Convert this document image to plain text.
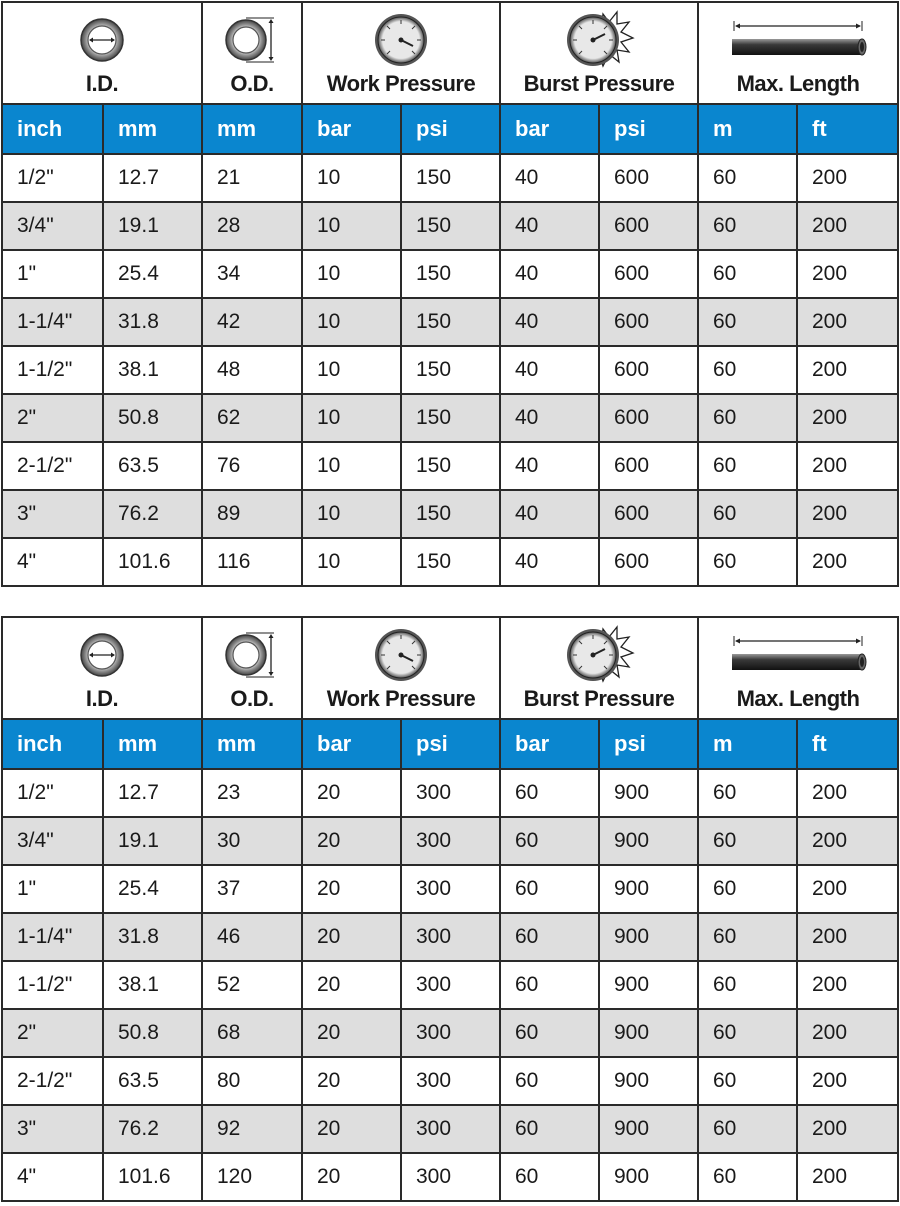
I.D.		O.D.	Work Pressure		Burst Pressure		Max. Length	

inch	mm	mm	bar	psi	bar	psi	m	ft
1/2"	12.7	21	10	150	40	600	60	200
3/4"	19.1	28	10	150	40	600	60	200
1"	25.4	34	10	150	40	600	60	200
1-1/4"	31.8	42	10	150	40	600	60	200
1-1/2"	38.1	48	10	150	40	600	60	200
2"	50.8	62	10	150	40	600	60	200
2-1/2"	63.5	76	10	150	40	600	60	200
3"	76.2	89	10	150	40	600	60	200
4"	101.6	116	10	150	40	600	60	200
I.D.		O.D.	Work Pressure		Burst Pressure		Max. Length	

inch	mm	mm	bar	psi	bar	psi	m	ft
1/2"	12.7	23	20	300	60	900	60	200
3/4"	19.1	30	20	300	60	900	60	200
1"	25.4	37	20	300	60	900	60	200
1-1/4"	31.8	46	20	300	60	900	60	200
1-1/2"	38.1	52	20	300	60	900	60	200
2"	50.8	68	20	300	60	900	60	200
2-1/2"	63.5	80	20	300	60	900	60	200
3"	76.2	92	20	300	60	900	60	200
4"	101.6	120	20	300	60	900	60	200
